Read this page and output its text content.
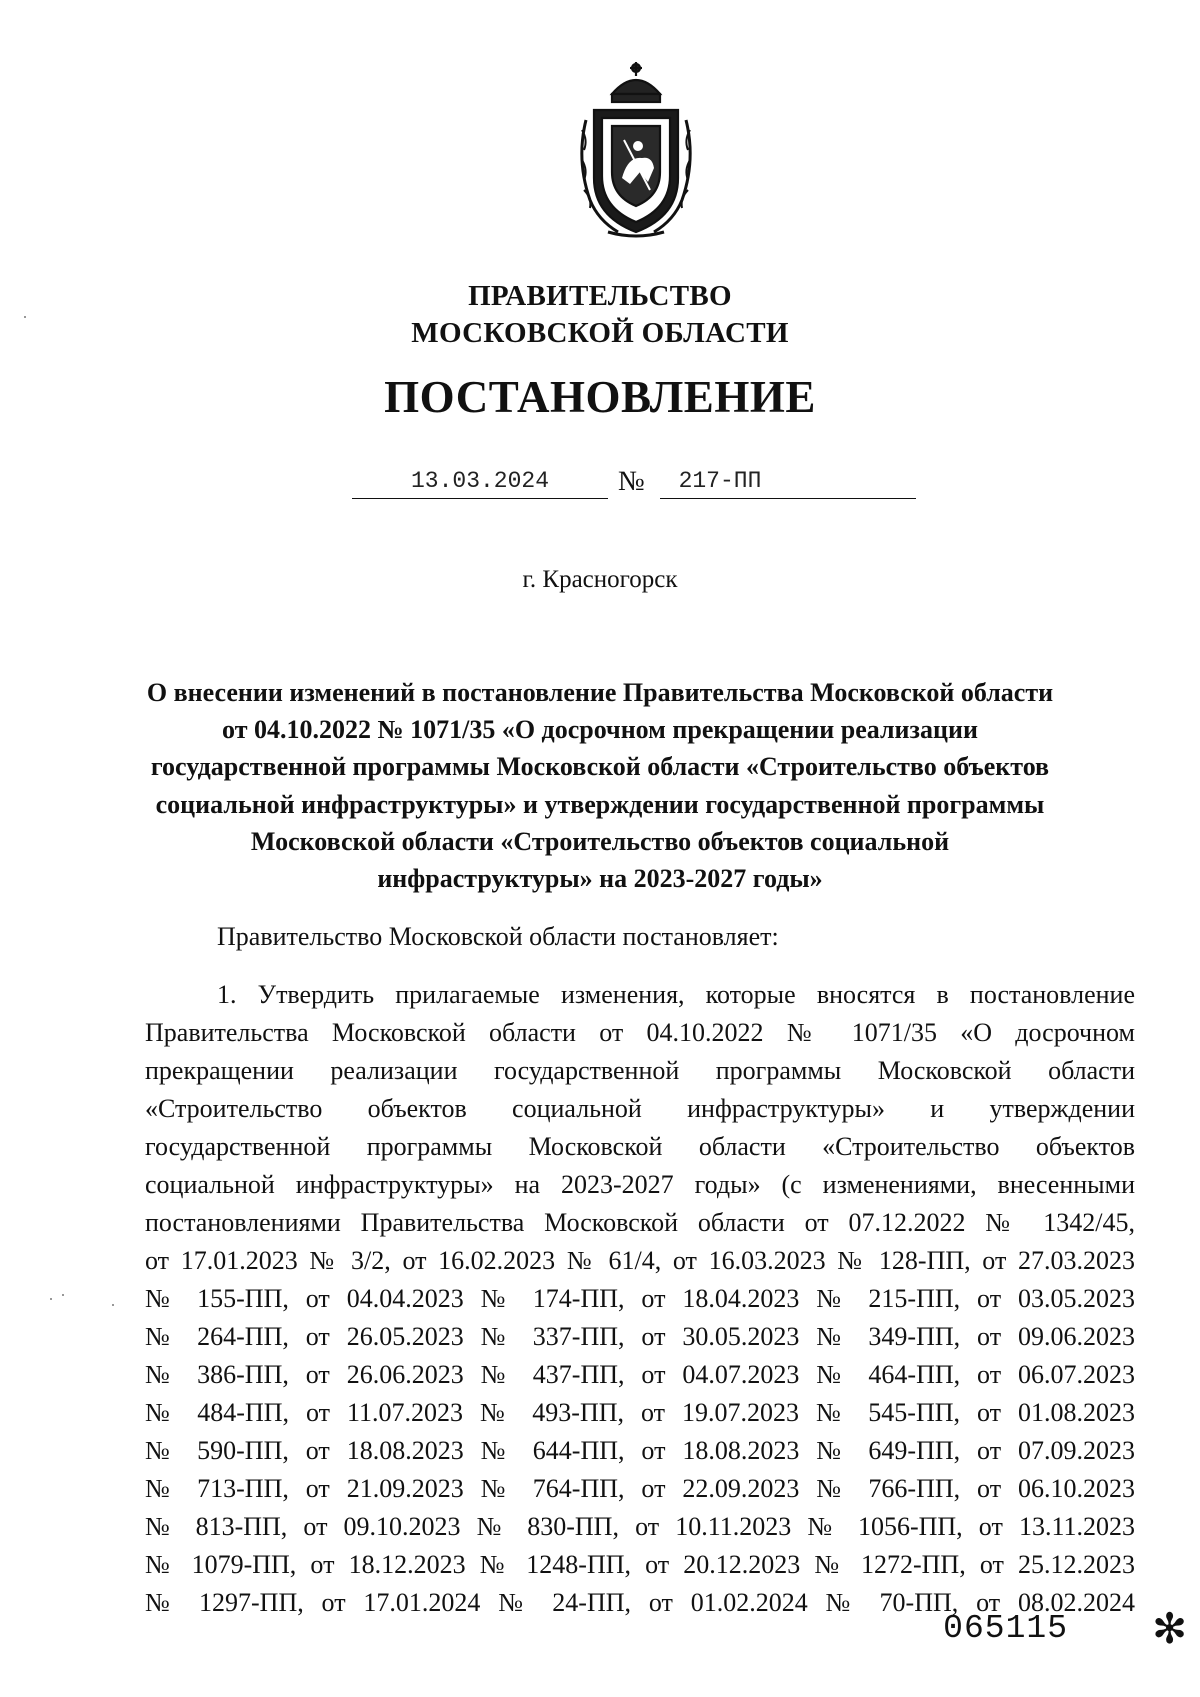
ПРАВИТЕЛЬСТВО
МОСКОВСКОЙ ОБЛАСТИ
ПОСТАНОВЛЕНИЕ
13.03.2024	№	217-ПП
г. Красногорск
О внесении изменений в постановление Правительства Московской области
от 04.10.2022 № 1071/35 «О досрочном прекращении реализации
государственной программы Московской области «Строительство объектов
социальной инфраструктуры» и утверждении государственной программы
Московской области «Строительство объектов социальной
инфраструктуры» на 2023-2027 годы»
Правительство Московской области постановляет:
1. Утвердить прилагаемые изменения, которые вносятся в постановление
Правительства Московской области от 04.10.2022 № 1071/35 «О досрочном
прекращении реализации государственной программы Московской области
«Строительство объектов социальной инфраструктуры» и утверждении
государственной программы Московской области «Строительство объектов
социальной инфраструктуры» на 2023-2027 годы» (с изменениями, внесенными
постановлениями Правительства Московской области от 07.12.2022 № 1342/45,
от 17.01.2023 № 3/2, от 16.02.2023 № 61/4, от 16.03.2023 № 128-ПП, от 27.03.2023
№ 155-ПП, от 04.04.2023 № 174-ПП, от 18.04.2023 № 215-ПП, от 03.05.2023
№ 264-ПП, от 26.05.2023 № 337-ПП, от 30.05.2023 № 349-ПП, от 09.06.2023
№ 386-ПП, от 26.06.2023 № 437-ПП, от 04.07.2023 № 464-ПП, от 06.07.2023
№ 484-ПП, от 11.07.2023 № 493-ПП, от 19.07.2023 № 545-ПП, от 01.08.2023
№ 590-ПП, от 18.08.2023 № 644-ПП, от 18.08.2023 № 649-ПП, от 07.09.2023
№ 713-ПП, от 21.09.2023 № 764-ПП, от 22.09.2023 № 766-ПП, от 06.10.2023
№ 813-ПП, от 09.10.2023 № 830-ПП, от 10.11.2023 № 1056-ПП, от 13.11.2023
№ 1079-ПП, от 18.12.2023 № 1248-ПП, от 20.12.2023 № 1272-ПП, от 25.12.2023
№ 1297-ПП, от 17.01.2024 № 24-ПП, от 01.02.2024 № 70-ПП, от 08.02.2024
065115 ✻
